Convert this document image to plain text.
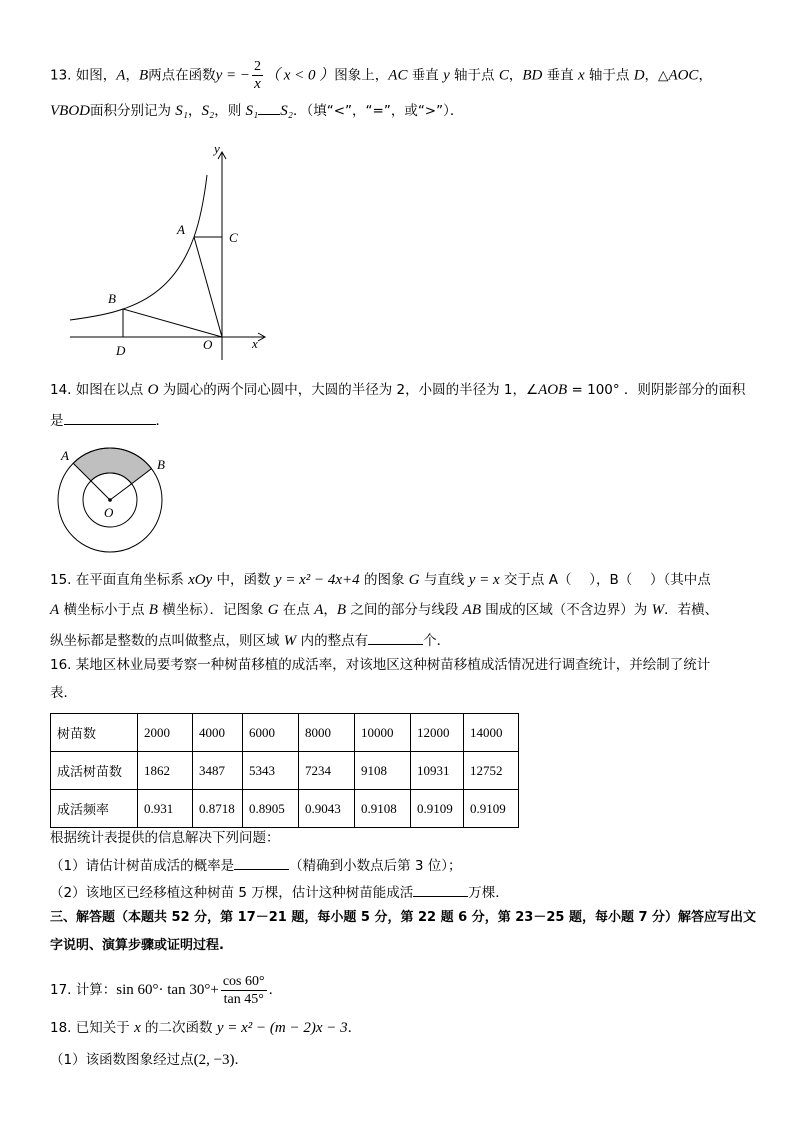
13. 如图，A，B两点在函数y = − $\frac{2}{x}$ （ x < 0 ）图象上，AC 垂直 y 轴于点 C，BD 垂直 x 轴于点 D，△AOC，
VBOD面积分别记为 S₁，S₂，则 S₁ S₂．（填“<”，“=”，或“>”）．
y
x
A
C
B
D	O
A
B
O
14. 如图在以点 O 为圆心的两个同心圆中，大圆的半径为 2，小圆的半径为 1，∠AOB = 100° ．则阴影部分的面积
是	．
15. 在平面直角坐标系 xOy 中，函数 y = x² − 4x+4 的图象 G 与直线 y = x 交于点 A（　 ），B（　 ）（其中点
A 横坐标小于点 B 横坐标）．记图象 G 在点 A，B 之间的部分与线段 AB 围成的区域（不含边界）为 W．若横、
纵坐标都是整数的点叫做整点，则区域 W 内的整点有	个．
16. 某地区林业局要考察一种树苗移植的成活率，对该地区这种树苗移植成活情况进行调查统计，并绘制了统计
表．
树苗数	2000	4000	6000	8000	10000	12000	14000
成活树苗数	1862	3487	5343	7234	9108	10931	12752
成活频率	0.931	0.8718	0.8905	0.9043	0.9108	0.9109	0.9109
根据统计表提供的信息解决下列问题：
（1）请估计树苗成活的概率是	（精确到小数点后第 3 位）；
（2）该地区已经移植这种树苗 5 万棵，估计这种树苗能成活	万棵．
三、解答题（本题共 52 分，第 17－21 题，每小题 5 分，第 22 题 6 分，第 23－25 题，每小题 7 分）解答应写出文
字说明、演算步骤或证明过程.
17. 计算：$\sin 60^\circ\cdot \tan 30^\circ+ \frac{\cos 60^\circ}{\tan 45^\circ}$ ．
18. 已知关于 x 的二次函数 y = x² − (m − 2)x − 3．
（1）该函数图象经过点(2, −3)．
